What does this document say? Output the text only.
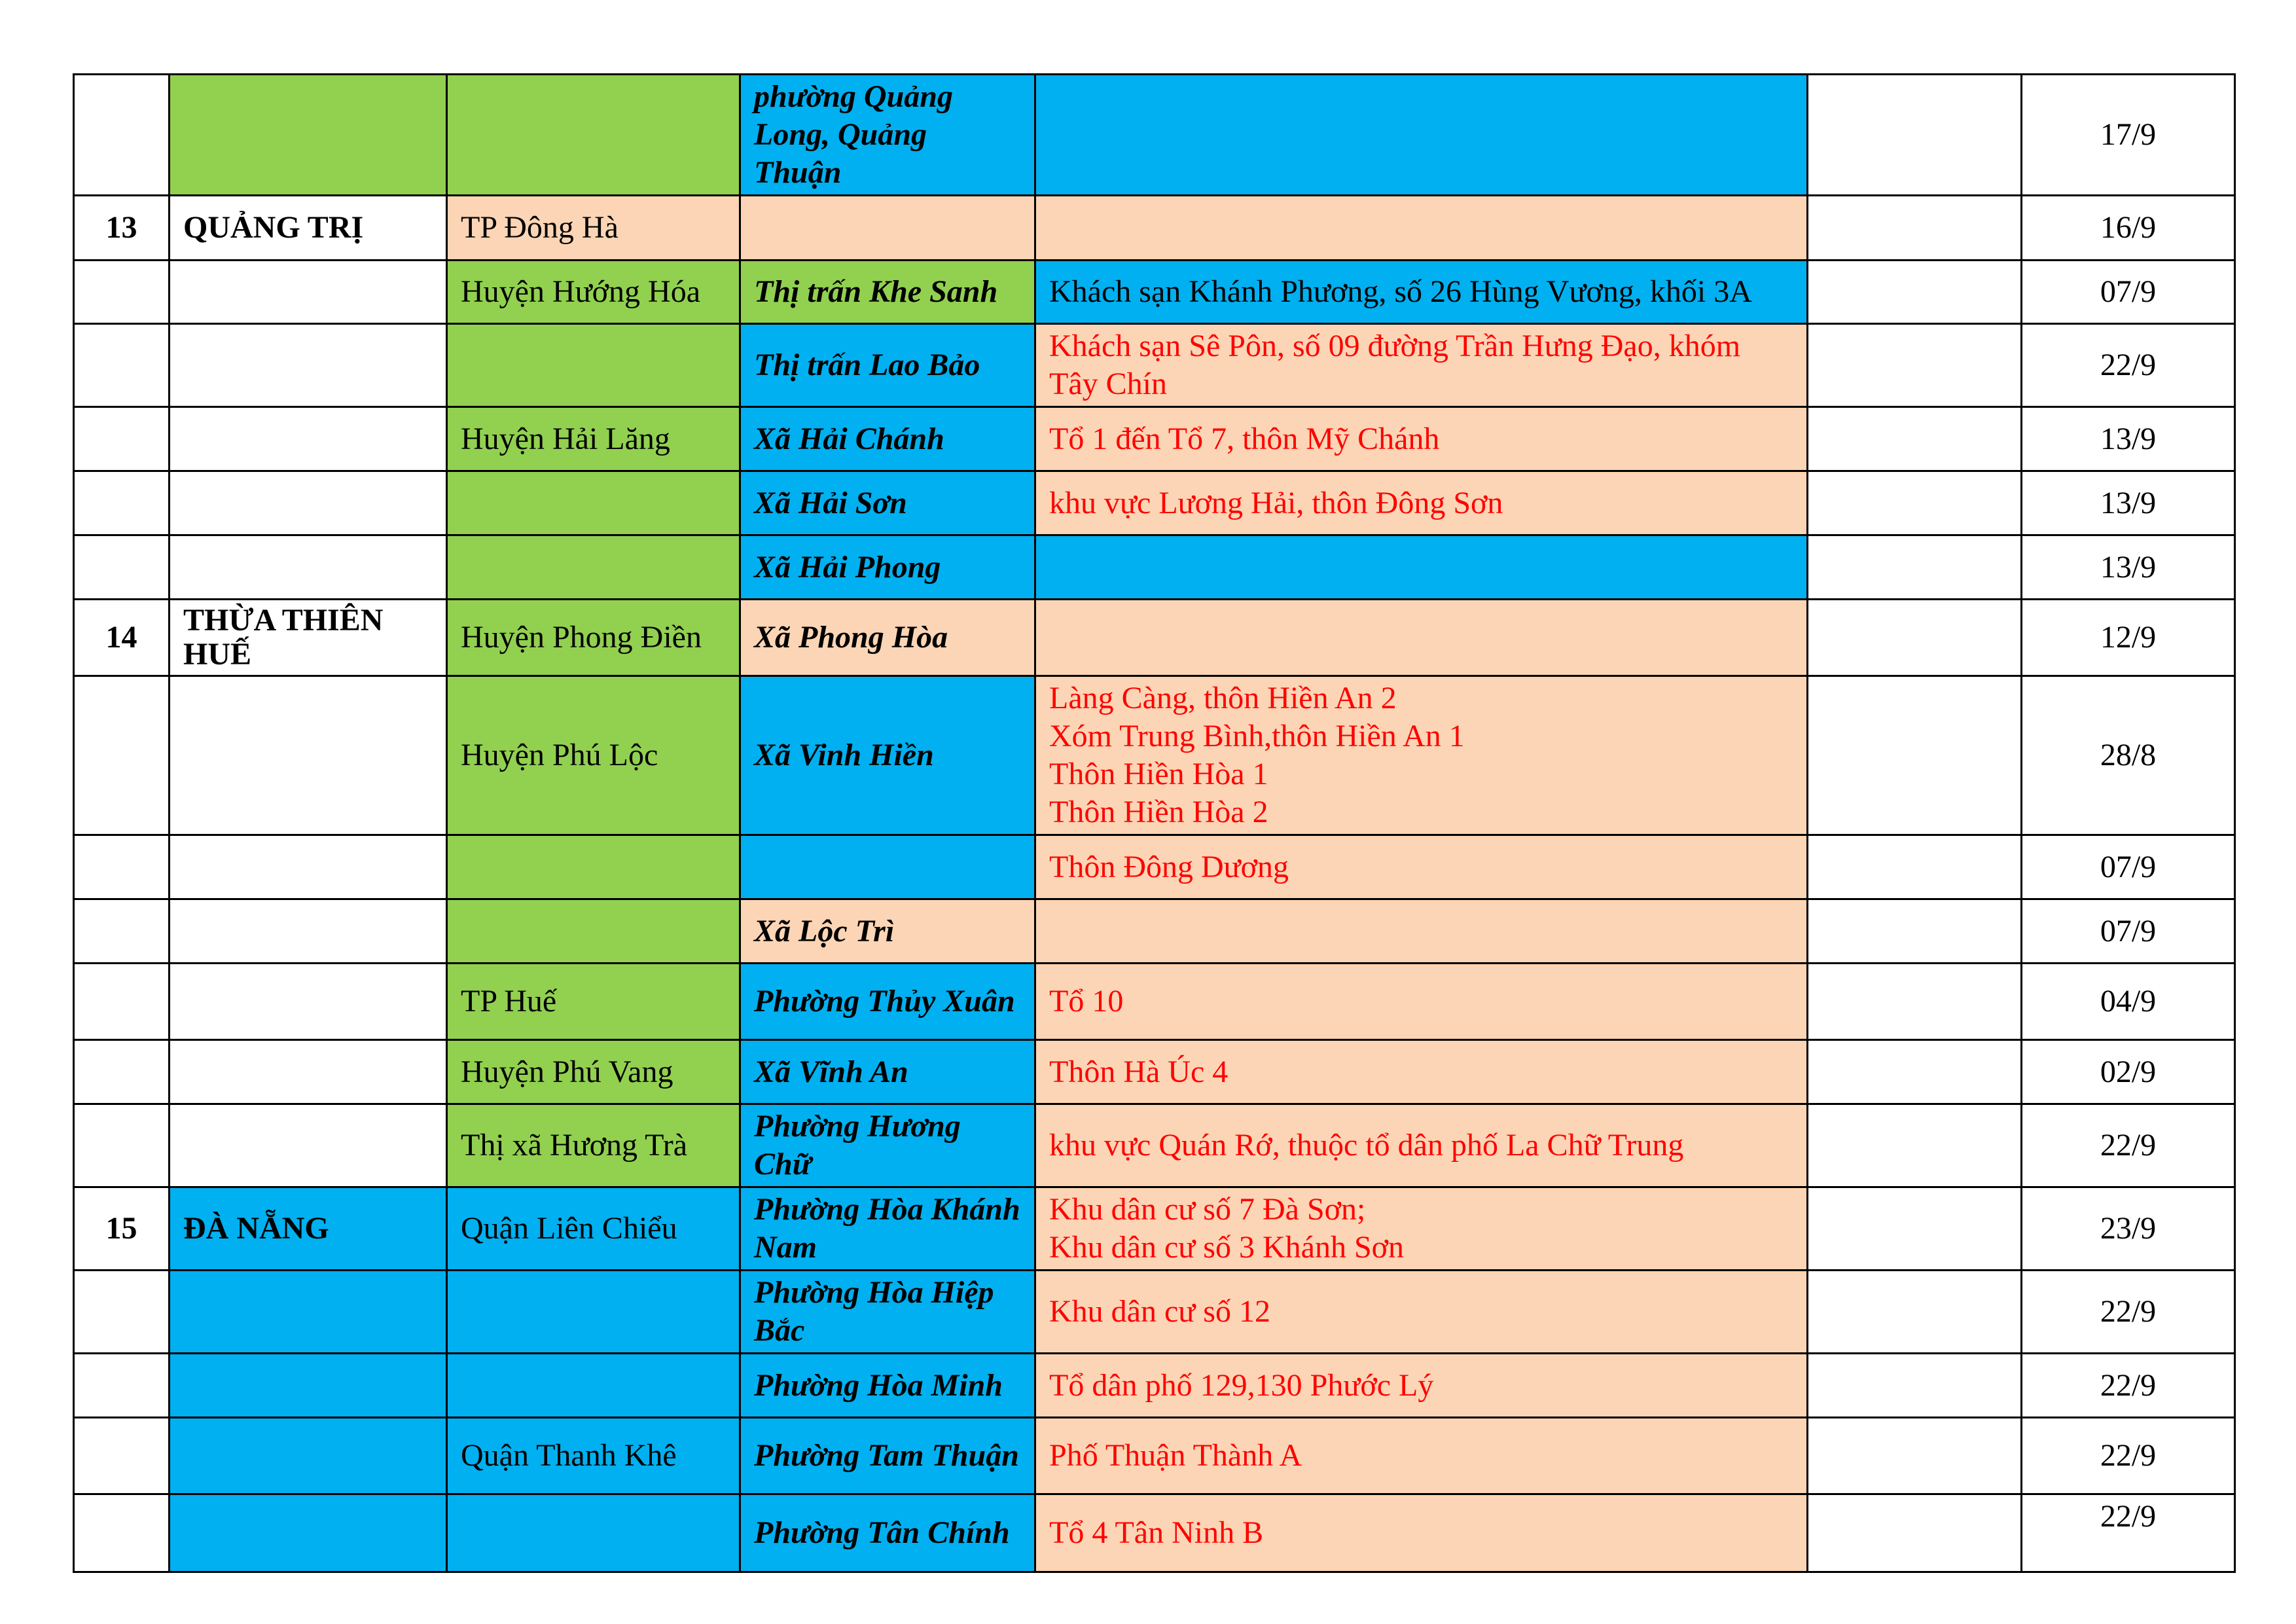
			phường Quảng Long, Quảng Thuận			17/9
13	QUẢNG TRỊ	TP Đông Hà				16/9
		Huyện Hướng Hóa	Thị trấn Khe Sanh	Khách sạn Khánh Phương, số 26 Hùng Vương, khối 3A		07/9
			Thị trấn Lao Bảo	Khách sạn Sê Pôn, số 09 đường Trần Hưng Đạo, khóm Tây Chín		22/9
		Huyện Hải Lăng	Xã Hải Chánh	Tổ 1 đến Tổ 7, thôn Mỹ Chánh		13/9
			Xã Hải Sơn	khu vực Lương Hải, thôn Đông Sơn		13/9
			Xã Hải Phong			13/9
14	THỪA THIÊN HUẾ	Huyện Phong Điền	Xã Phong Hòa			12/9
		Huyện Phú Lộc	Xã Vinh Hiền	Làng Càng, thôn Hiền An 2
Xóm Trung Bình,thôn Hiền An 1
Thôn Hiền Hòa 1
Thôn Hiền Hòa 2		28/8
				Thôn Đông Dương		07/9
			Xã Lộc Trì			07/9
		TP Huế	Phường Thủy Xuân	Tổ 10		04/9
		Huyện Phú Vang	Xã Vĩnh An	Thôn Hà Úc 4		02/9
		Thị xã Hương Trà	Phường Hương Chữ	khu vực Quán Rớ, thuộc tổ dân phố La Chữ Trung		22/9
15	ĐÀ NẴNG	Quận Liên Chiểu	Phường Hòa Khánh Nam	Khu dân cư số 7 Đà Sơn;
Khu dân cư số 3 Khánh Sơn		23/9
			Phường Hòa Hiệp Bắc	Khu dân cư số 12		22/9
			Phường Hòa Minh	Tổ dân phố 129,130 Phước Lý		22/9
		Quận Thanh Khê	Phường Tam Thuận	Phố Thuận Thành A		22/9
			Phường Tân Chính	Tổ 4 Tân Ninh B		22/9
